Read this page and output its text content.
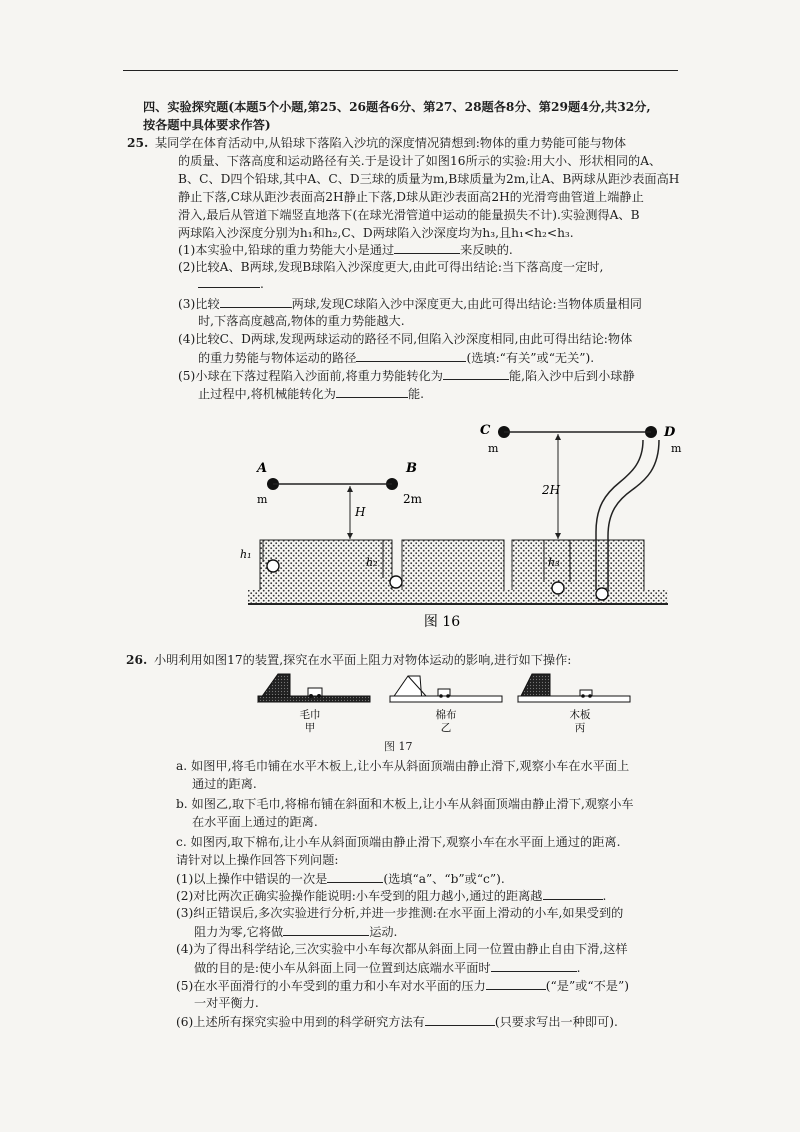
四、实验探究题(本题5个小题,第25、26题各6分、第27、28题各8分、第29题4分,共32分,
按各题中具体要求作答)
25. 某同学在体育活动中,从铅球下落陷入沙坑的深度情况猜想到:物体的重力势能可能与物体
的质量、下落高度和运动路径有关.于是设计了如图16所示的实验:用大小、形状相同的A、
B、C、D四个铅球,其中A、C、D三球的质量为m,B球质量为2m,让A、B两球从距沙表面高H
静止下落,C球从距沙表面高2H静止下落,D球从距沙表面高2H的光滑弯曲管道上端静止
滑入,最后从管道下端竖直地落下(在球光滑管道中运动的能量损失不计).实验测得A、B
两球陷入沙深度分别为h₁和h₂,C、D两球陷入沙深度均为h₃,且h₁<h₂<h₃.
(1)本实验中,铅球的重力势能大小是通过	来反映的.
(2)比较A、B两球,发现B球陷入沙深度更大,由此可得出结论:当下落高度一定时,
.
(3)比较	两球,发现C球陷入沙中深度更大,由此可得出结论:当物体质量相同
时,下落高度越高,物体的重力势能越大.
(4)比较C、D两球,发现两球运动的路径不同,但陷入沙深度相同,由此可得出结论:物体
的重力势能与物体运动的路径	(选填:“有关”或“无关”).
(5)小球在下落过程陷入沙面前,将重力势能转化为	能,陷入沙中后到小球静
止过程中,将机械能转化为	能.
A
m
B
2m
H
h₁
h₂
C
m
D
m
2H
h₃
图 16
26. 小明利用如图17的装置,探究在水平面上阻力对物体运动的影响,进行如下操作:
毛巾
甲
棉布
乙
木板
丙
图 17
a. 如图甲,将毛巾铺在水平木板上,让小车从斜面顶端由静止滑下,观察小车在水平面上
通过的距离.
b. 如图乙,取下毛巾,将棉布铺在斜面和木板上,让小车从斜面顶端由静止滑下,观察小车
在水平面上通过的距离.
c. 如图丙,取下棉布,让小车从斜面顶端由静止滑下,观察小车在水平面上通过的距离.
请针对以上操作回答下列问题:
(1)以上操作中错误的一次是	(选填“a”、“b”或“c”).
(2)对比两次正确实验操作能说明:小车受到的阻力越小,通过的距离越	.
(3)纠正错误后,多次实验进行分析,并进一步推测:在水平面上滑动的小车,如果受到的
阻力为零,它将做	运动.
(4)为了得出科学结论,三次实验中小车每次都从斜面上同一位置由静止自由下滑,这样
做的目的是:使小车从斜面上同一位置到达底端水平面时	.
(5)在水平面滑行的小车受到的重力和小车对水平面的压力	(“是”或“不是”)
一对平衡力.
(6)上述所有探究实验中用到的科学研究方法有	(只要求写出一种即可).
